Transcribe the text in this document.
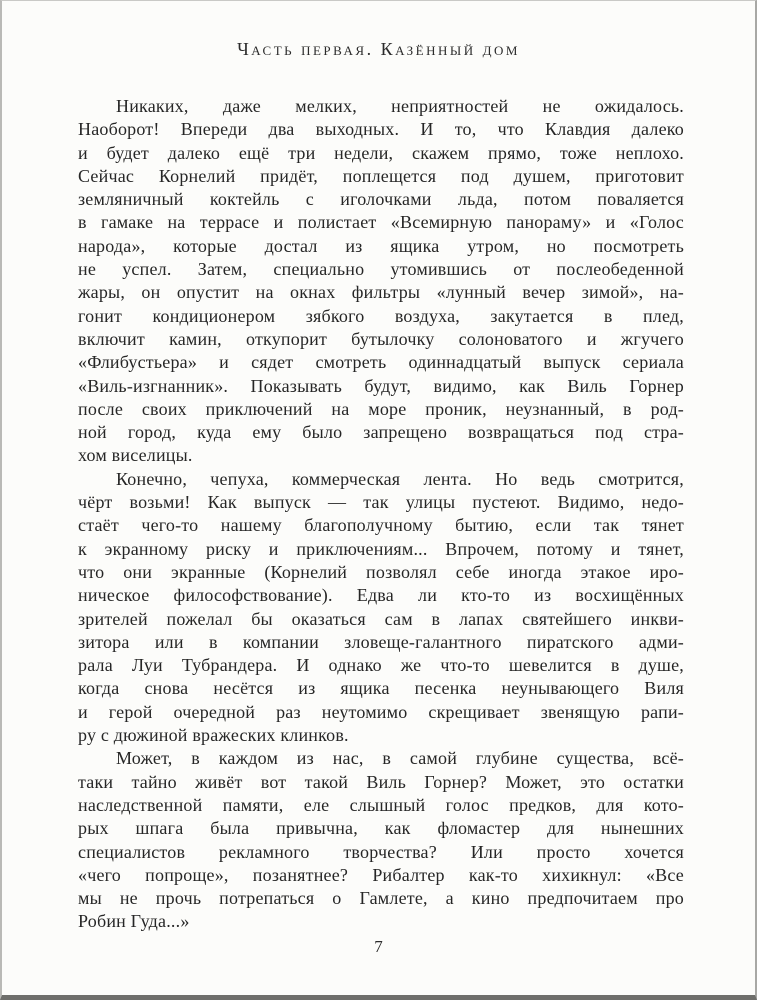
Часть первая. Казённый дом
Никаких, даже мелких, неприятностей не ожидалось.
Наоборот! Впереди два выходных. И то, что Клавдия далеко
и будет далеко ещё три недели, скажем прямо, тоже неплохо.
Сейчас Корнелий придёт, поплещется под душем, приготовит
земляничный коктейль с иголочками льда, потом поваляется
в гамаке на террасе и полистает «Всемирную панораму» и «Голос
народа», которые достал из ящика утром, но посмотреть
не успел. Затем, специально утомившись от послеобеденной
жары, он опустит на окнах фильтры «лунный вечер зимой», на-
гонит кондиционером зябкого воздуха, закутается в плед,
включит камин, откупорит бутылочку солоноватого и жгучего
«Флибустьера» и сядет смотреть одиннадцатый выпуск сериала
«Виль-изгнанник». Показывать будут, видимо, как Виль Горнер
после своих приключений на море проник, неузнанный, в род-
ной город, куда ему было запрещено возвращаться под стра-
хом виселицы.
Конечно, чепуха, коммерческая лента. Но ведь смотрится,
чёрт возьми! Как выпуск — так улицы пустеют. Видимо, недо-
стаёт чего-то нашему благополучному бытию, если так тянет
к экранному риску и приключениям... Впрочем, потому и тянет,
что они экранные (Корнелий позволял себе иногда этакое иро-
ническое философствование). Едва ли кто-то из восхищённых
зрителей пожелал бы оказаться сам в лапах святейшего инкви-
зитора или в компании зловеще-галантного пиратского адми-
рала Луи Тубрандера. И однако же что-то шевелится в душе,
когда снова несётся из ящика песенка неунывающего Виля
и герой очередной раз неутомимо скрещивает звенящую рапи-
ру с дюжиной вражеских клинков.
Может, в каждом из нас, в самой глубине существа, всё-
таки тайно живёт вот такой Виль Горнер? Может, это остатки
наследственной памяти, еле слышный голос предков, для кото-
рых шпага была привычна, как фломастер для нынешних
специалистов рекламного творчества? Или просто хочется
«чего попроще», позанятнее? Рибалтер как-то хихикнул: «Все
мы не прочь потрепаться о Гамлете, а кино предпочитаем про
Робин Гуда...»
7
